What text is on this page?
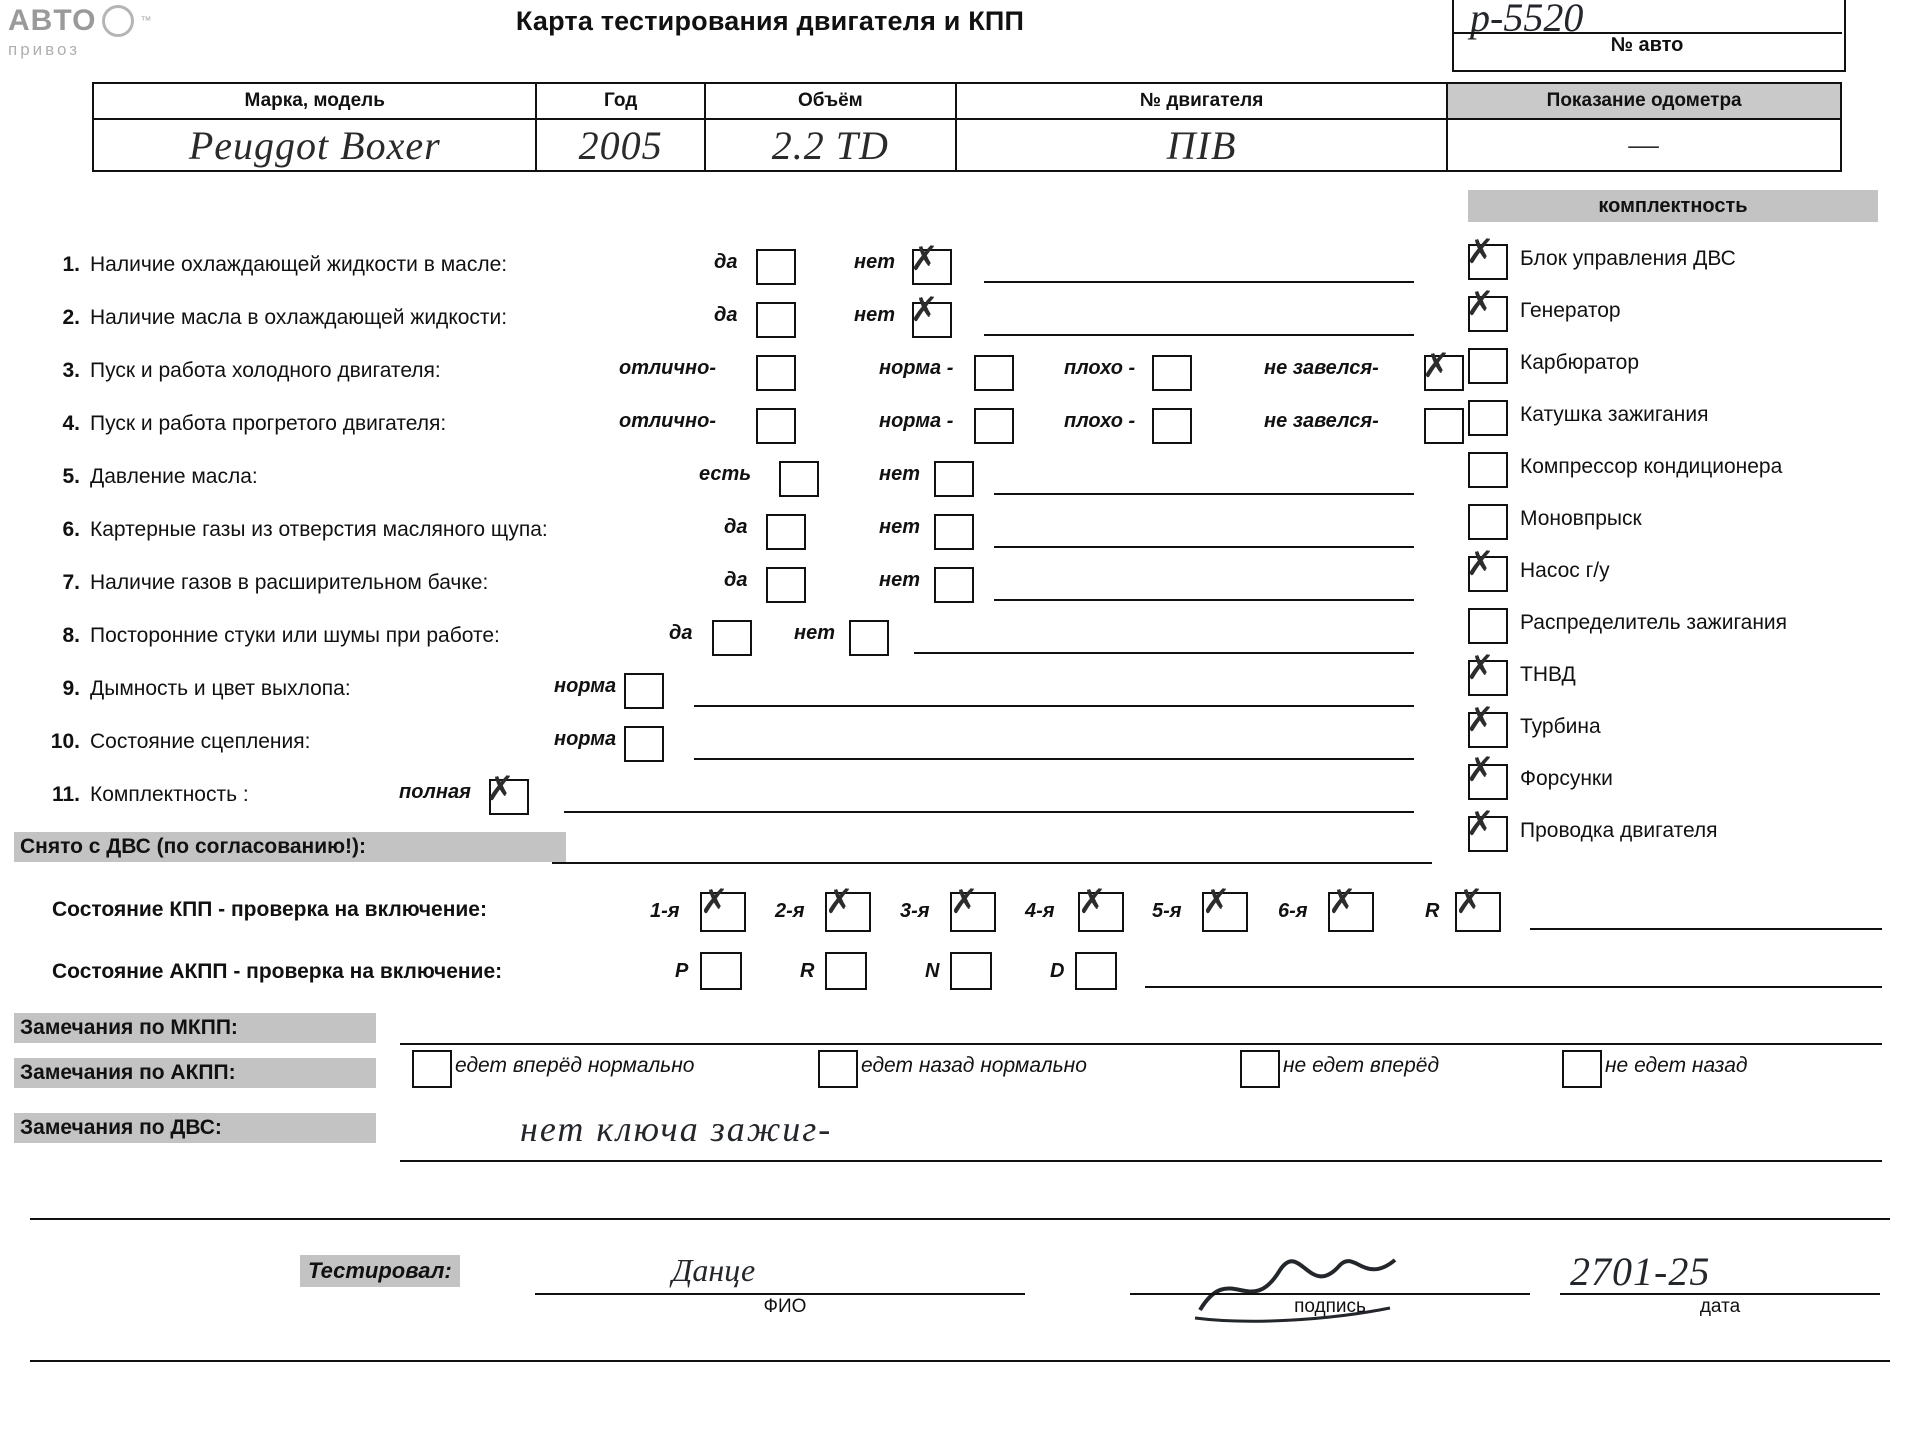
ABTO	™
привоз
Карта тестирования двигателя и КПП	р-5520
№ авто
Марка, модель	Год	Объём	№ двигателя	Показание одометра
Peuggot Boxer	2005	2.2 TD	ПІВ	—
1. Наличие охлаждающей жидкости в масле:	да	нет ✗
2. Наличие масла в охлаждающей жидкости:	да	нет ✗
3. Пуск и работа холодного двигателя:	отлично-	норма -	плохо -	не завелся- ✗
4. Пуск и работа прогретого двигателя:	отлично-	норма -	плохо -	не завелся-
5. Давление масла:	есть	нет
6. Картерные газы из отверстия масляного щупа:	да	нет
7. Наличие газов в расширительном бачке:	да	нет
8. Посторонние стуки или шумы при работе:	да	нет
9. Дымность и цвет выхлопа:	норма
10. Состояние сцепления:	норма
11. Комплектность :	полная ✗
комплектность
✗ Блок управления ДВС
✗ Генератор
Карбюратор
Катушка зажигания
Компрессор кондиционера
Моновпрыск
✗ Насос г/у
Распределитель зажигания
✗ ТНВД
✗ Турбина
✗ Форсунки
✗ Проводка двигателя
Снято с ДВС (по согласованию!):
Состояние КПП - проверка на включение:	1-я ✗ 2-я ✗ 3-я ✗ 4-я ✗ 5-я ✗ 6-я ✗	R ✗
Состояние АКПП - проверка на включение:	P	R	N	D
Замечания по МКПП:
Замечания по АКПП:	едет вперёд нормально	едет назад нормально	не едет вперёд	не едет назад
Замечания по ДВС:	нет ключа зажиг-
Тестировал:	Данце
ФИО	подпись
2701-25
дата
